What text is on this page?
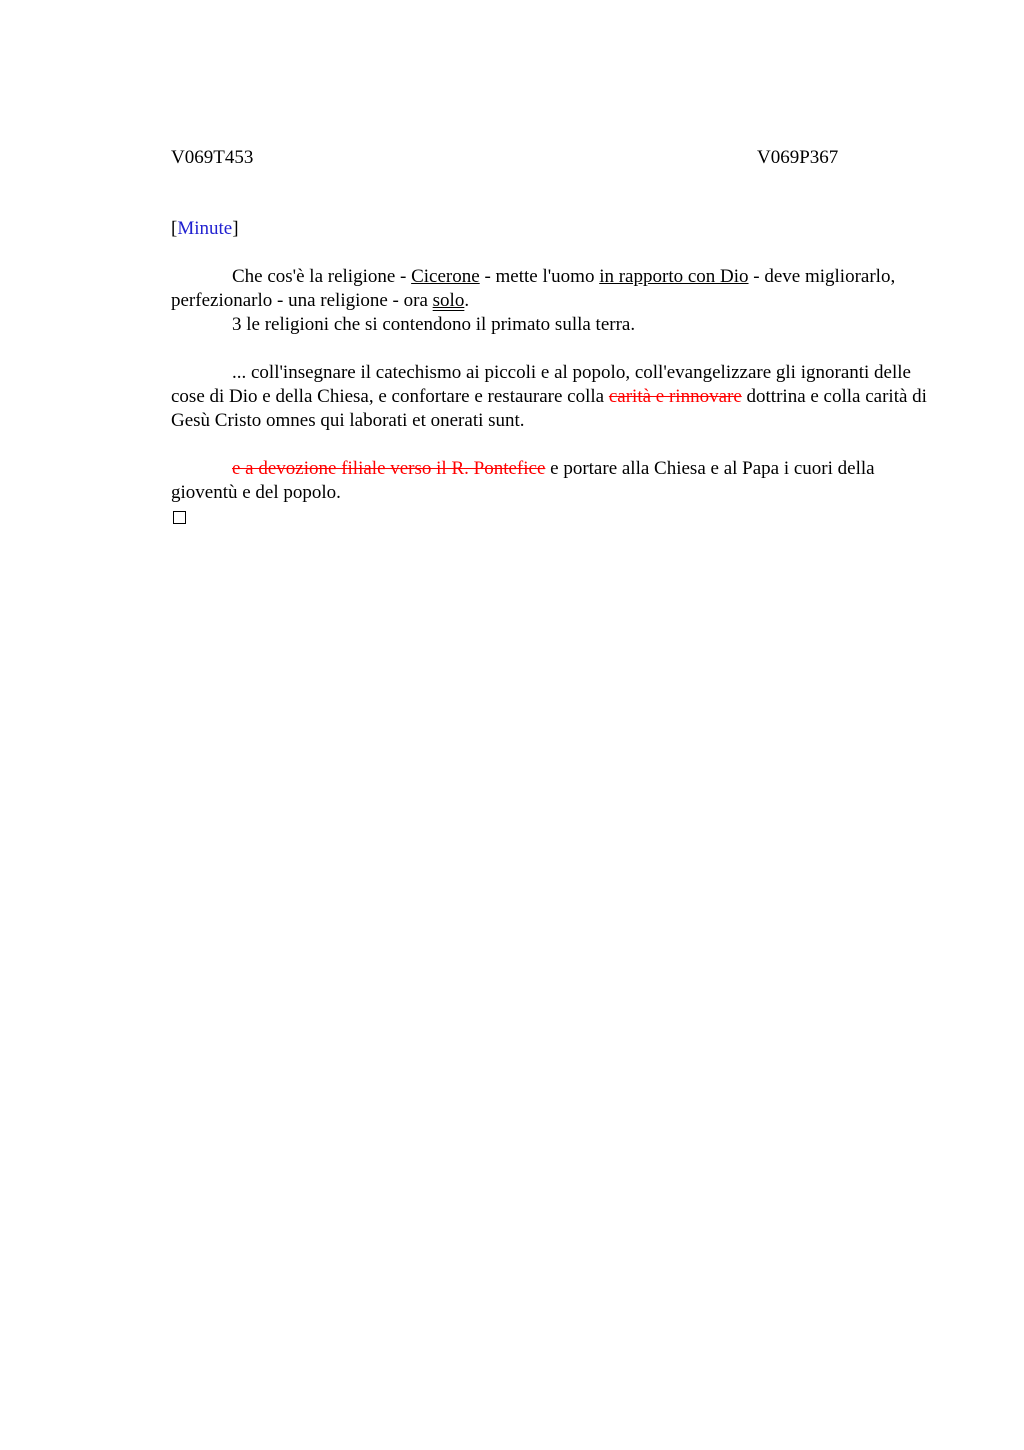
V069T453	V069P367
[Minute]

Che cos'è la religione - Cicerone - mette l'uomo in rapporto con Dio - deve migliorarlo, perfezionarlo - una religione - ora solo.

3 le religioni che si contendono il primato sulla terra.

... coll'insegnare il catechismo ai piccoli e al popolo, coll'evangelizzare gli ignoranti delle cose di Dio e della Chiesa, e confortare e restaurare colla carità e rinnovare dottrina e colla carità di Gesù Cristo omnes qui laborati et onerati sunt.

e a devozione filiale verso il R. Pontefice e portare alla Chiesa e al Papa i cuori della gioventù e del popolo.
